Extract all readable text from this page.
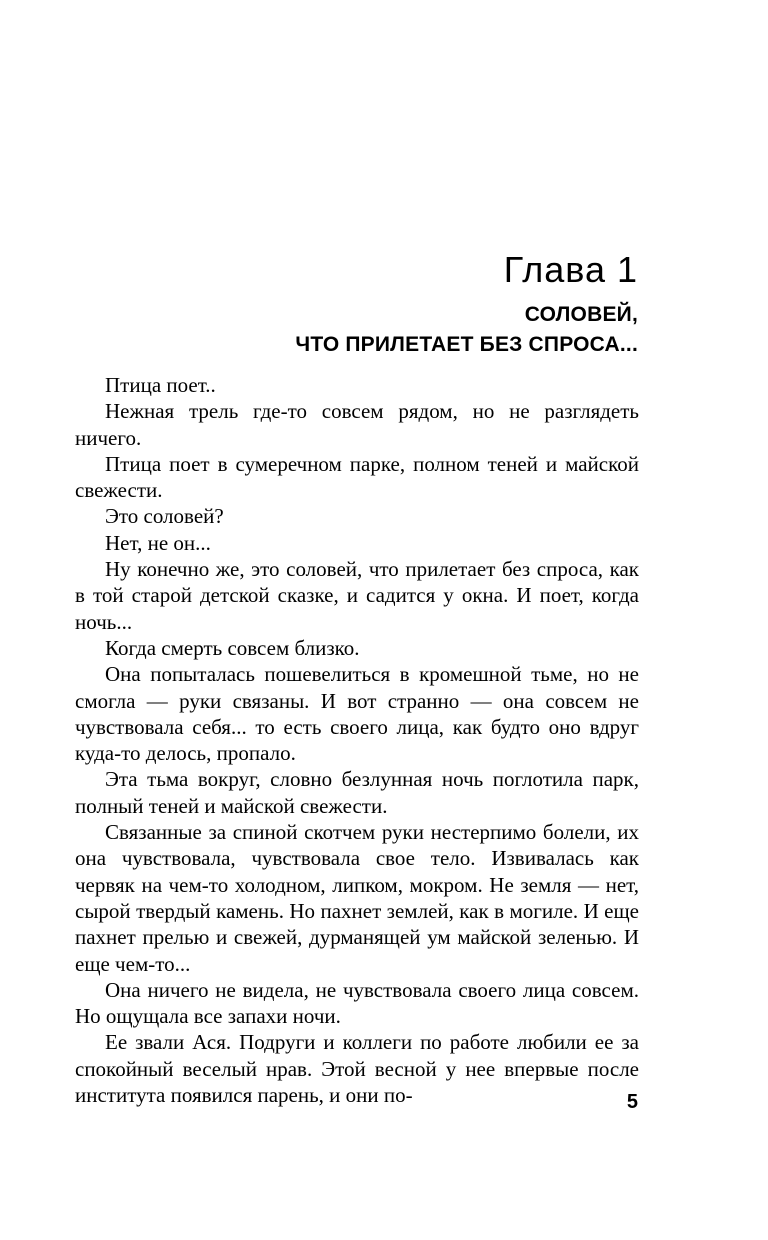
Глава 1
СОЛОВЕЙ,
ЧТО ПРИЛЕТАЕТ БЕЗ СПРОСА...

Птица поет..

Нежная трель где-то совсем рядом, но не разглядеть ничего.

Птица поет в сумеречном парке, полном теней и майской свежести.

Это соловей?

Нет, не он...

Ну конечно же, это соловей, что прилетает без спроса, как в той старой детской сказке, и садится у окна. И поет, когда ночь...

Когда смерть совсем близко.

Она попыталась пошевелиться в кромешной тьме, но не смогла — руки связаны. И вот странно — она совсем не чувствовала себя... то есть своего лица, как будто оно вдруг куда-то делось, пропало.

Эта тьма вокруг, словно безлунная ночь поглотила парк, полный теней и майской свежести.

Связанные за спиной скотчем руки нестерпимо болели, их она чувствовала, чувствовала свое тело. Извивалась как червяк на чем-то холодном, липком, мокром. Не земля — нет, сырой твердый камень. Но пахнет землей, как в могиле. И еще пахнет прелью и свежей, дурманящей ум майской зеленью. И еще чем-то...

Она ничего не видела, не чувствовала своего лица совсем. Но ощущала все запахи ночи.

Ее звали Ася. Подруги и коллеги по работе любили ее за спокойный веселый нрав. Этой весной у нее впервые после института появился парень, и они по-	5
